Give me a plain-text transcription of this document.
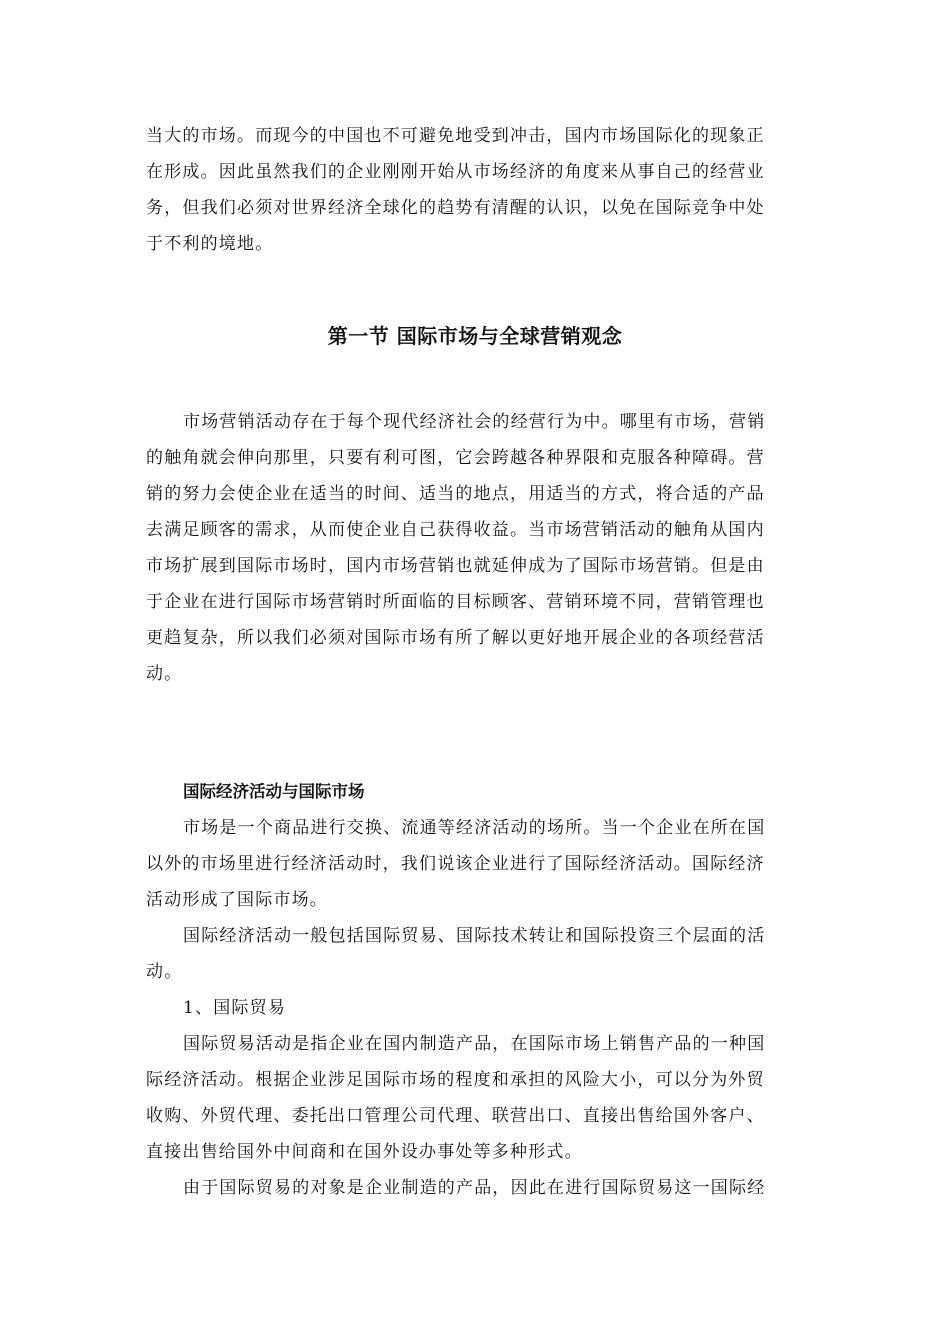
当大的市场。而现今的中国也不可避免地受到冲击，国内市场国际化的现象正
在形成。因此虽然我们的企业刚刚开始从市场经济的角度来从事自己的经营业
务，但我们必须对世界经济全球化的趋势有清醒的认识，以免在国际竞争中处
于不利的境地。
第一节 国际市场与全球营销观念
市场营销活动存在于每个现代经济社会的经营行为中。哪里有市场，营销
的触角就会伸向那里，只要有利可图，它会跨越各种界限和克服各种障碍。营
销的努力会使企业在适当的时间、适当的地点，用适当的方式，将合适的产品
去满足顾客的需求，从而使企业自己获得收益。当市场营销活动的触角从国内
市场扩展到国际市场时，国内市场营销也就延伸成为了国际市场营销。但是由
于企业在进行国际市场营销时所面临的目标顾客、营销环境不同，营销管理也
更趋复杂，所以我们必须对国际市场有所了解以更好地开展企业的各项经营活
动。
国际经济活动与国际市场
市场是一个商品进行交换、流通等经济活动的场所。当一个企业在所在国
以外的市场里进行经济活动时，我们说该企业进行了国际经济活动。国际经济
活动形成了国际市场。
国际经济活动一般包括国际贸易、国际技术转让和国际投资三个层面的活
动。
1、国际贸易
国际贸易活动是指企业在国内制造产品，在国际市场上销售产品的一种国
际经济活动。根据企业涉足国际市场的程度和承担的风险大小，可以分为外贸
收购、外贸代理、委托出口管理公司代理、联营出口、直接出售给国外客户、
直接出售给国外中间商和在国外设办事处等多种形式。
由于国际贸易的对象是企业制造的产品，因此在进行国际贸易这一国际经
